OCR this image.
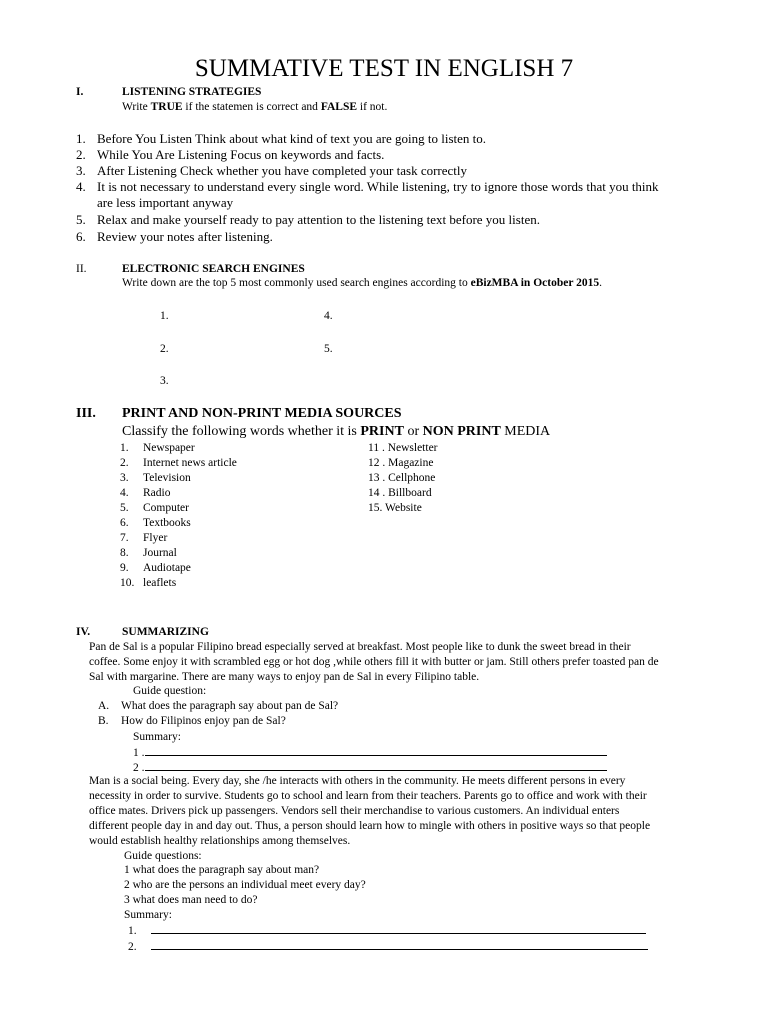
SUMMATIVE TEST IN ENGLISH 7
I.	LISTENING STRATEGIES
Write TRUE if the statemen is correct and FALSE if not.
1. Before You Listen Think about what kind of text you are going to listen to.
2. While You Are Listening Focus on keywords and facts.
3. After Listening Check whether you have completed your task correctly
4. It is not necessary to understand every single word. While listening, try to ignore those words that you think
are less important anyway
5. Relax and make yourself ready to pay attention to the listening text before you listen.
6. Review your notes after listening.
II.	ELECTRONIC SEARCH ENGINES
Write down are the top 5 most commonly used search engines according to eBizMBA in October 2015.
1.	4.
2.	5.
3.
III. PRINT AND NON-PRINT MEDIA SOURCES
Classify the following words whether it is PRINT or NON PRINT MEDIA
1. Newspaper
2. Internet news article
3. Television
4. Radio
5. Computer
6. Textbooks
7. Flyer
8. Journal
9. Audiotape
10. leaflets
11 . Newsletter
12 . Magazine
13 . Cellphone
14 . Billboard
15. Website
IV.	SUMMARIZING
Pan de Sal is a popular Filipino bread especially served at breakfast. Most people like to dunk the sweet bread in their
coffee. Some enjoy it with scrambled egg or hot dog ,while others fill it with butter or jam. Still others prefer toasted pan de
Sal with margarine. There are many ways to enjoy pan de Sal in every Filipino table.
Guide question:
A. What does the paragraph say about pan de Sal?
B. How do Filipinos enjoy pan de Sal?
Summary:
1 .
2 .
Man is a social being. Every day, she /he interacts with others in the community. He meets different persons in every
necessity in order to survive. Students go to school and learn from their teachers. Parents go to office and work with their
office mates. Drivers pick up passengers. Vendors sell their merchandise to various customers. An individual enters
different people day in and day out. Thus, a person should learn how to mingle with others in positive ways so that people
would establish healthy relationships among themselves.
Guide questions:
1 what does the paragraph say about man?
2 who are the persons an individual meet every day?
3 what does man need to do?
Summary:
1.
2.
